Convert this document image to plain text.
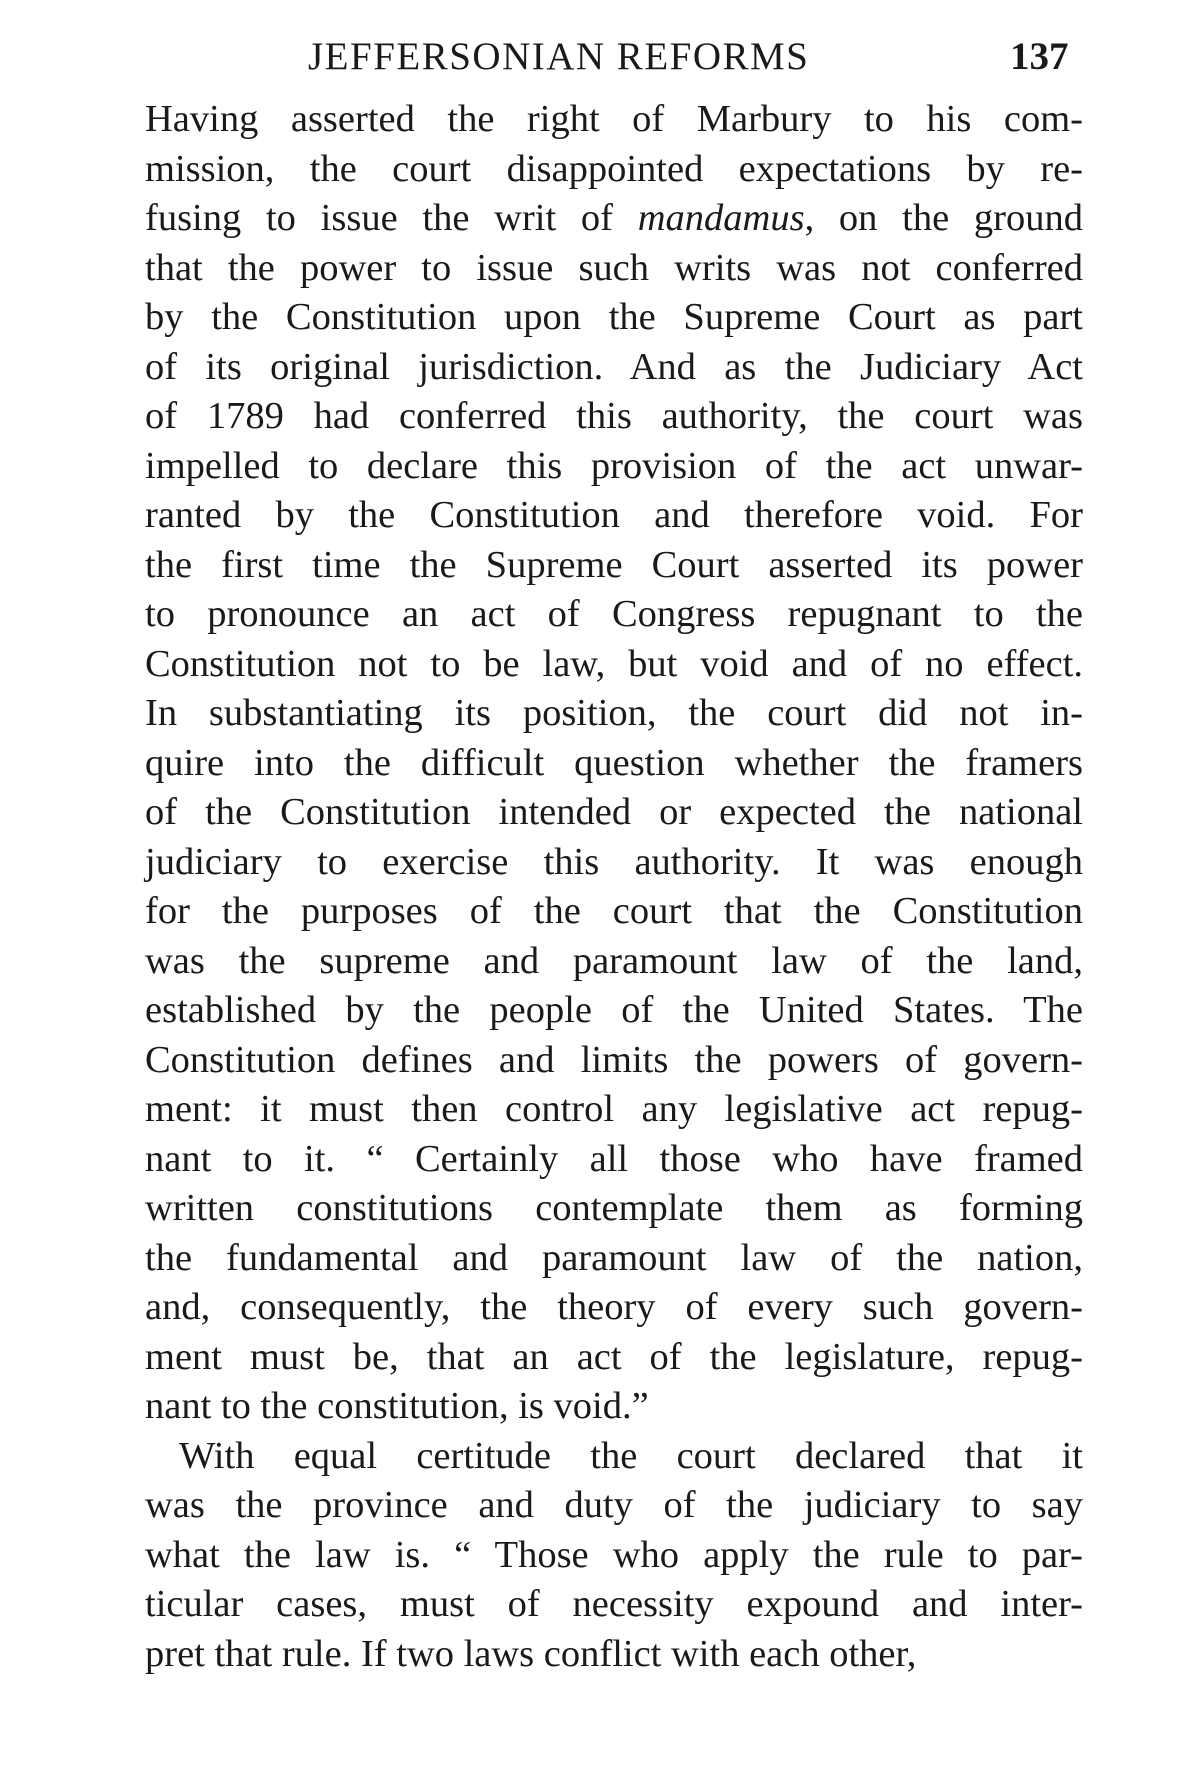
JEFFERSONIAN REFORMS	137
Having asserted the right of Marbury to his com-
mission, the court disappointed expectations by re-
fusing to issue the writ of mandamus, on the ground
that the power to issue such writs was not conferred
by the Constitution upon the Supreme Court as part
of its original jurisdiction. And as the Judiciary Act
of 1789 had conferred this authority, the court was
impelled to declare this provision of the act unwar-
ranted by the Constitution and therefore void. For
the first time the Supreme Court asserted its power
to pronounce an act of Congress repugnant to the
Constitution not to be law, but void and of no effect.
In substantiating its position, the court did not in-
quire into the difficult question whether the framers
of the Constitution intended or expected the national
judiciary to exercise this authority. It was enough
for the purposes of the court that the Constitution
was the supreme and paramount law of the land,
established by the people of the United States. The
Constitution defines and limits the powers of govern-
ment: it must then control any legislative act repug-
nant to it. “ Certainly all those who have framed
written constitutions contemplate them as forming
the fundamental and paramount law of the nation,
and, consequently, the theory of every such govern-
ment must be, that an act of the legislature, repug-
nant to the constitution, is void.”
With equal certitude the court declared that it
was the province and duty of the judiciary to say
what the law is. “ Those who apply the rule to par-
ticular cases, must of necessity expound and inter-
pret that rule. If two laws conflict with each other,
